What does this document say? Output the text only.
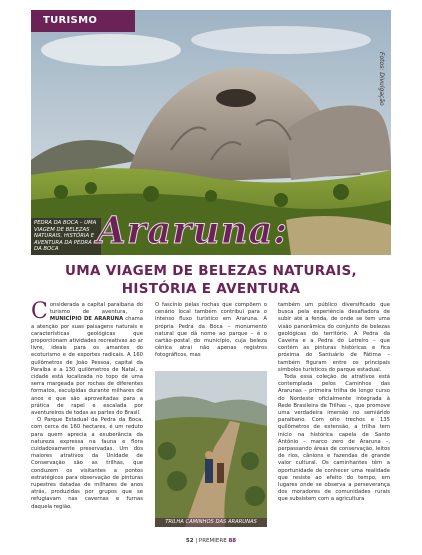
TURISMO
Fotos: Divulgação
PEDRA DA BOCA – UMA VIAGEM DE BELEZAS NATURAIS, HISTÓRIA E AVENTURA DA PEDRA DA BOCA	Araruna:
UMA VIAGEM DE BELEZAS NATURAIS,
HISTÓRIA E AVENTURA

Considerada a capital paraibana do turismo de aventura, o MUNICÍPIO DE ARARUNA chama a atenção por suas paisagens naturais e características geológicas que proporcionam atividades recreativas ao ar livre, ideais para os amantes do ecoturismo e de esportes radicais. A 160 quilômetros de João Pessoa, capital da Paraíba e a 130 quilômetros de Natal, a cidade está localizada no topo de uma serra margeada por rochas de diferentes formatos, esculpidas durante milhares de anos e que são aproveitadas para a prática de rapel e escalada por aventureiros de todas as partes do Brasil.

O Parque Estadual da Pedra da Boca, com cerca de 160 hectares, é um reduto para quem aprecia a exuberância da natureza expressa na fauna e flora cuidadosamente preservadas. Um dos maiores atrativos da Unidade de Conservação são as trilhas, que conduzem os visitantes a pontos estratégicos para observação de pinturas rupestres datadas de milhares de anos atrás, produzidas por grupos que se refugiavam nas cavernas e furnas daquela região.

O fascínio pelas rochas que compõem o cenário local também contribui para o intenso fluxo turístico em Araruna. A própria Pedra da Boca – monumento natural que dá nome ao parque – é o cartão-postal do município, cuja beleza cênica atrai não apenas registros fotográficos, mas

TRILHA CAMINHOS DAS ARARUNAS

também um público diversificado que busca pela experiência desafiadora de subir até a fenda, de onde se tem uma visão panorâmica do conjunto de belezas geológicas do território. A Pedra da Caveira e a Pedra do Letreiro – que contém as pinturas históricas e fica próxima do Santuário de Fátima – também figuram entre os principais símbolos turísticos do parque estadual.

Toda essa coleção de atrativos está contemplada pelos Caminhos das Ararunas – primeira trilha de longo curso do Nordeste oficialmente integrada à Rede Brasileira de Trilhas –, que promove uma verdadeira imersão no semiárido paraibano. Com oito trechos e 135 quilômetros de extensão, a trilha tem início na histórica capela de Santo Antônio – marco zero de Araruna –, perpassando áreas de conservação, leitos de rios, cânions e fazendas de grande valor cultural. Os caminhantes têm a oportunidade de conhecer uma realidade que resiste ao efeito do tempo, em lugares onde se observa a perseverança dos moradores de comunidades rurais que subsistem com a agricultura

52 | PREMIERE 88
